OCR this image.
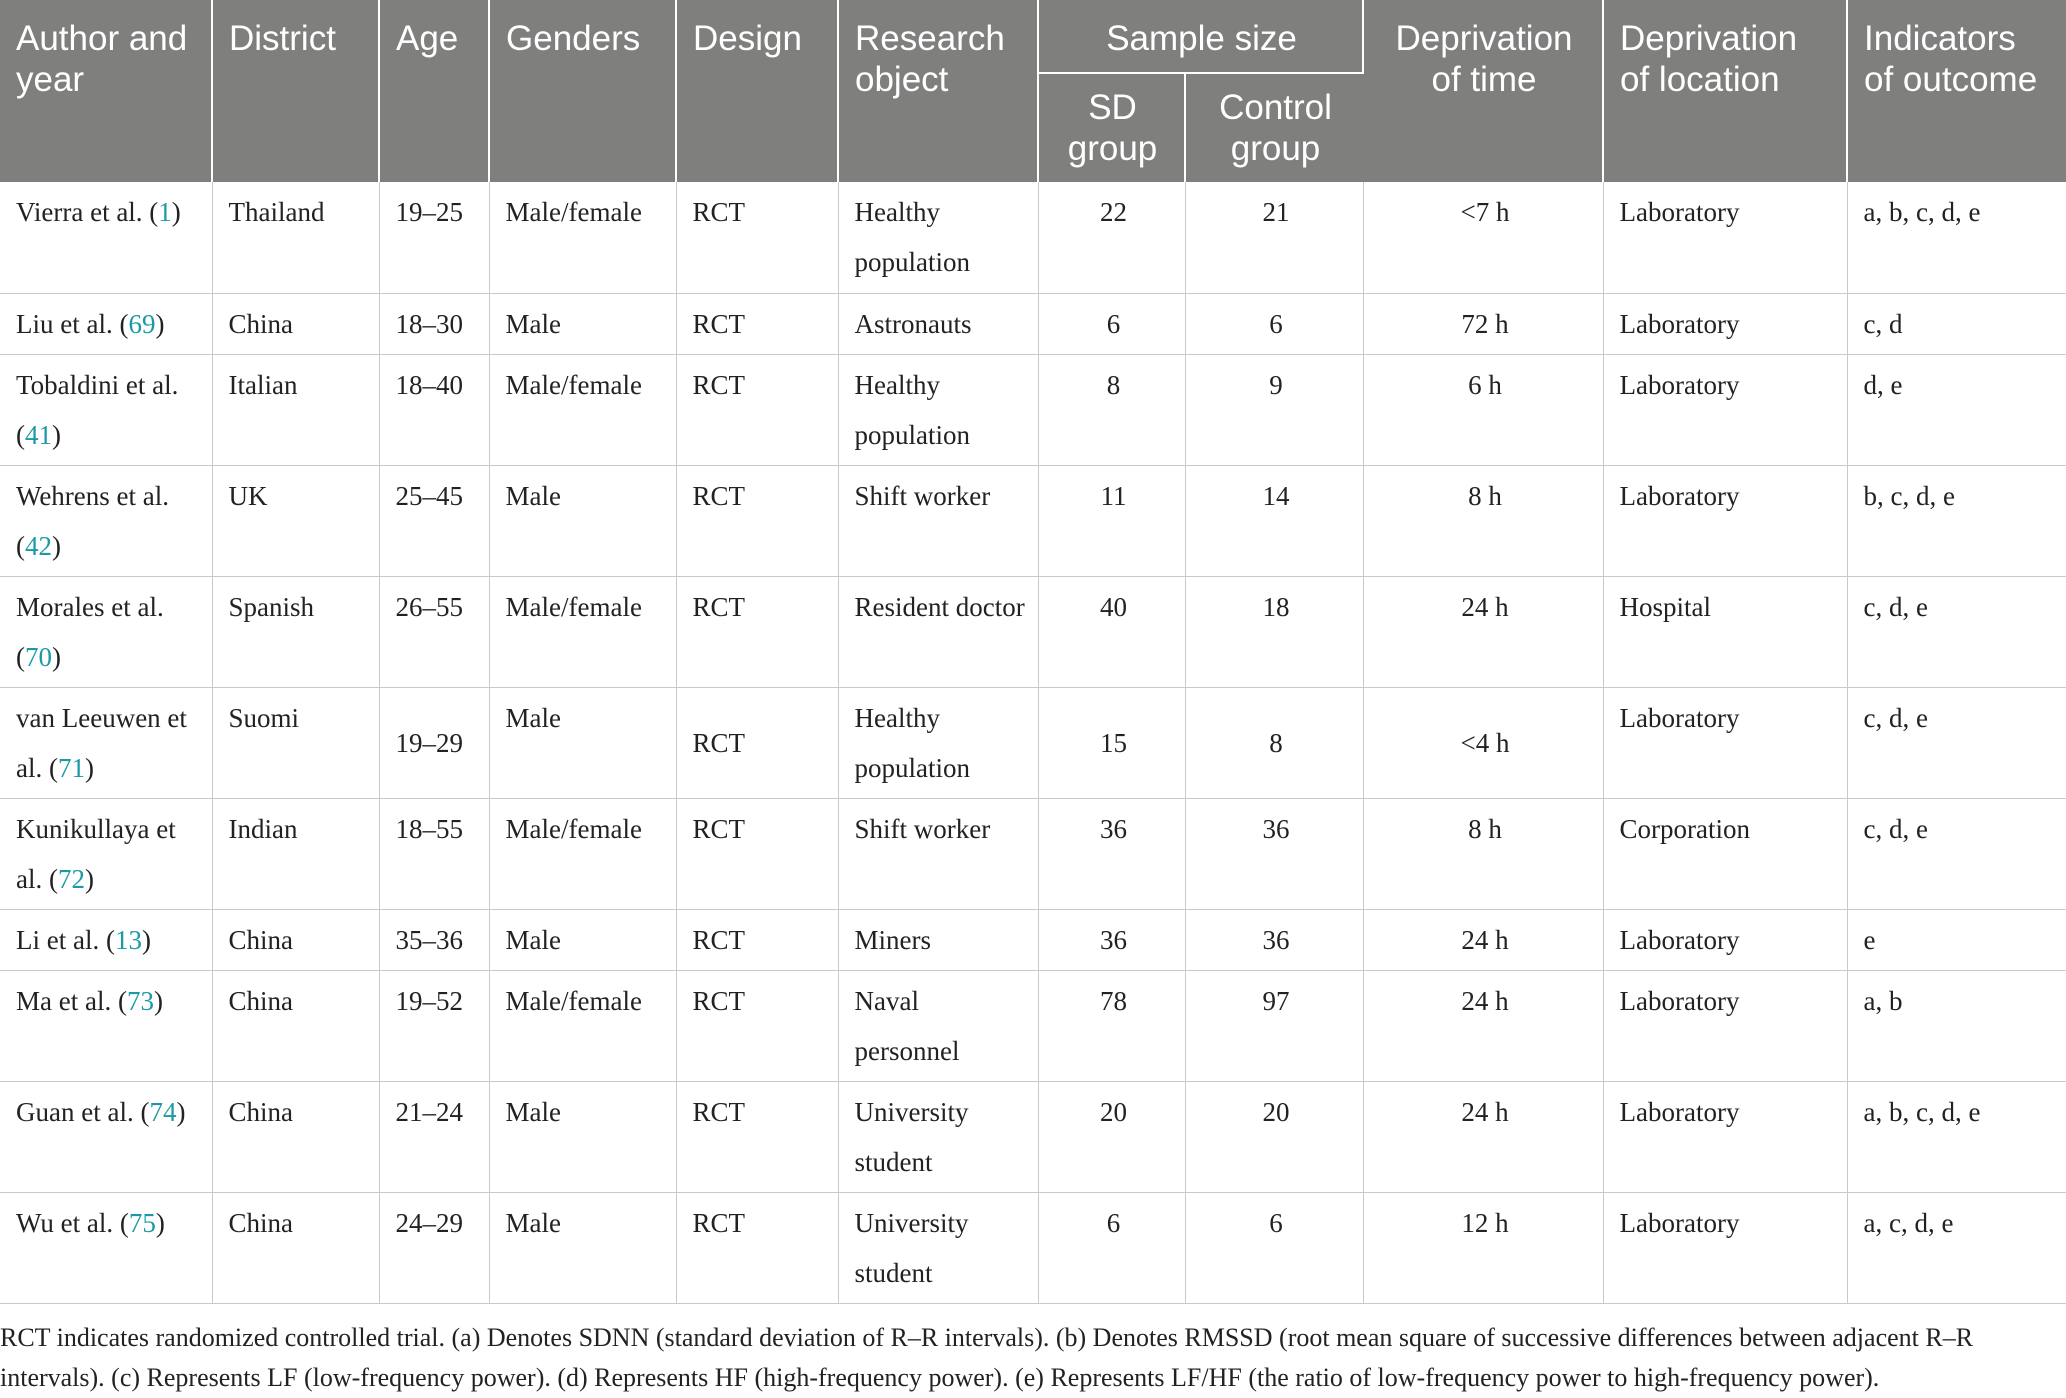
Author and year	District	Age	Genders	Design	Research object	Sample size		Deprivation of time	Deprivation of location	Indicators of outcome
						SD group	Control group			
Vierra et al. (1)	Thailand	19–25	Male/female	RCT	Healthy population	22	21	<7 h	Laboratory	a, b, c, d, e
Liu et al. (69)	China	18–30	Male	RCT	Astronauts	6	6	72 h	Laboratory	c, d
Tobaldini et al. (41)	Italian	18–40	Male/female	RCT	Healthy population	8	9	6 h	Laboratory	d, e
Wehrens et al. (42)	UK	25–45	Male	RCT	Shift worker	11	14	8 h	Laboratory	b, c, d, e
Morales et al. (70)	Spanish	26–55	Male/female	RCT	Resident doctor	40	18	24 h	Hospital	c, d, e
van Leeuwen et al. (71)	Suomi	19–29	Male	RCT	Healthy population	15	8	<4 h	Laboratory	c, d, e
Kunikullaya et al. (72)	Indian	18–55	Male/female	RCT	Shift worker	36	36	8 h	Corporation	c, d, e
Li et al. (13)	China	35–36	Male	RCT	Miners	36	36	24 h	Laboratory	e
Ma et al. (73)	China	19–52	Male/female	RCT	Naval personnel	78	97	24 h	Laboratory	a, b
Guan et al. (74)	China	21–24	Male	RCT	University student	20	20	24 h	Laboratory	a, b, c, d, e
Wu et al. (75)	China	24–29	Male	RCT	University student	6	6	12 h	Laboratory	a, c, d, e
RCT indicates randomized controlled trial. (a) Denotes SDNN (standard deviation of R–R intervals). (b) Denotes RMSSD (root mean square of successive differences between adjacent R–R intervals). (c) Represents LF (low-frequency power). (d) Represents HF (high-frequency power). (e) Represents LF/HF (the ratio of low-frequency power to high-frequency power).
